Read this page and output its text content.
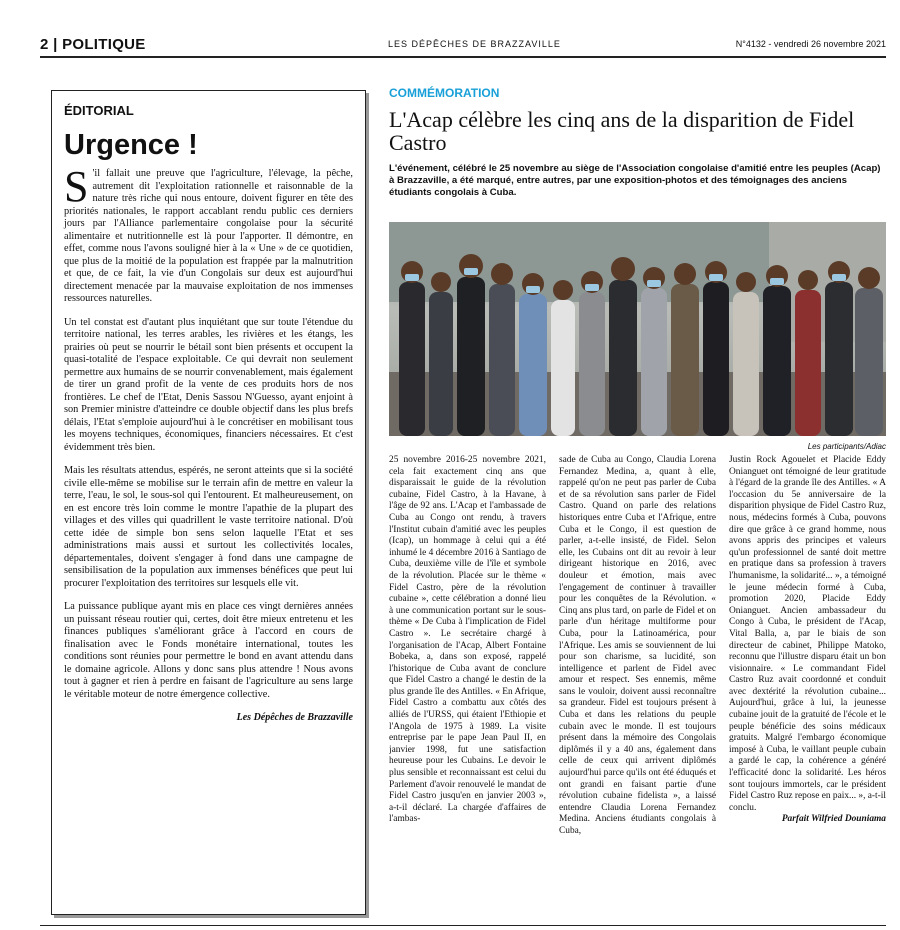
2 | POLITIQUE	LES DÉPÊCHES DE BRAZZAVILLE	N°4132 - vendredi 26 novembre 2021
ÉDITORIAL
Urgence !

S 'il fallait une preuve que l'agriculture, l'élevage, la pêche, autrement dit l'exploitation rationnelle et raisonnable de la nature très riche qui nous entoure, doivent figurer en tête des priorités nationales, le rapport accablant rendu public ces derniers jours par l'Alliance parlementaire congolaise pour la sécurité alimentaire et nutritionnelle est là pour l'apporter. Il démontre, en effet, comme nous l'avons souligné hier à la « Une » de ce quotidien, que plus de la moitié de la population est frappée par la malnutrition et que, de ce fait, la vie d'un Congolais sur deux est aujourd'hui directement menacée par la mauvaise exploitation de nos immenses ressources naturelles.

Un tel constat est d'autant plus inquiétant que sur toute l'étendue du territoire national, les terres arables, les rivières et les étangs, les prairies où peut se nourrir le bétail sont bien présents et occupent la quasi-totalité de l'espace exploitable. Ce qui devrait non seulement permettre aux humains de se nourrir convenablement, mais également de tirer un grand profit de la vente de ces produits hors de nos frontières. Le chef de l'Etat, Denis Sassou N'Guesso, ayant enjoint à son Premier ministre d'atteindre ce double objectif dans les plus brefs délais, l'Etat s'emploie aujourd'hui à le concrétiser en mobilisant tous les moyens techniques, économiques, financiers nécessaires. Et c'est évidemment très bien.

Mais les résultats attendus, espérés, ne seront atteints que si la société civile elle-même se mobilise sur le terrain afin de mettre en valeur la terre, l'eau, le sol, le sous-sol qui l'entourent. Et malheureusement, on en est encore très loin comme le montre l'apathie de la plupart des villages et des villes qui quadrillent le vaste territoire national. D'où cette idée de simple bon sens selon laquelle l'Etat et ses administrations mais aussi et surtout les collectivités locales, départementales, doivent s'engager à fond dans une campagne de sensibilisation de la population aux immenses bénéfices que peut lui procurer l'exploitation des territoires sur lesquels elle vit.

La puissance publique ayant mis en place ces vingt dernières années un puissant réseau routier qui, certes, doit être mieux entretenu et les finances publiques s'améliorant grâce à l'accord en cours de finalisation avec le Fonds monétaire international, toutes les conditions sont réunies pour permettre le bond en avant attendu dans le domaine agricole. Allons y donc sans plus attendre ! Nous avons tout à gagner et rien à perdre en faisant de l'agriculture au sens large le véritable moteur de notre émergence collective.

Les Dépêches de Brazzaville
COMMÉMORATION
L'Acap célèbre les cinq ans de la disparition de Fidel Castro
L'événement, célébré le 25 novembre au siège de l'Association congolaise d'amitié entre les peuples (Acap) à Brazzaville, a été marqué, entre autres, par une exposition-photos et des témoignages des anciens étudiants congolais à Cuba.
Les participants/Adiac

25 novembre 2016-25 novembre 2021, cela fait exactement cinq ans que disparaissait le guide de la révolution cubaine, Fidel Castro, à la Havane, à l'âge de 92 ans. L'Acap et l'ambassade de Cuba au Congo ont rendu, à travers l'Institut cubain d'amitié avec les peuples (Icap), un hommage à celui qui a été inhumé le 4 décembre 2016 à Santiago de Cuba, deuxième ville de l'île et symbole de la révolution. Placée sur le thème « Fidel Castro, père de la révolution cubaine », cette célébration a donné lieu à une communication portant sur le sous-thème « De Cuba à l'implication de Fidel Castro ». Le secrétaire chargé à l'organisation de l'Acap, Albert Fontaine Bobeka, a, dans son exposé, rappelé l'historique de Cuba avant de conclure que Fidel Castro a changé le destin de la plus grande île des Antilles. « En Afrique, Fidel Castro a combattu aux côtés des alliés de l'URSS, qui étaient l'Ethiopie et l'Angola de 1975 à 1989. La visite entreprise par le pape Jean Paul II, en janvier 1998, fut une satisfaction heureuse pour les Cubains. Le devoir le plus sensible et reconnaissant est celui du Parlement d'avoir renouvelé le mandat de Fidel Castro jusqu'en en janvier 2003 », a-t-il déclaré. La chargée d'affaires de l'ambas-

sade de Cuba au Congo, Claudia Lorena Fernandez Medina, a, quant à elle, rappelé qu'on ne peut pas parler de Cuba et de sa révolution sans parler de Fidel Castro. Quand on parle des relations historiques entre Cuba et l'Afrique, entre Cuba et le Congo, il est question de parler, a-t-elle insisté, de Fidel. Selon elle, les Cubains ont dit au revoir à leur dirigeant historique en 2016, avec douleur et émotion, mais avec l'engagement de continuer à travailler pour les conquêtes de la Révolution. « Cinq ans plus tard, on parle de Fidel et on parle d'un héritage multiforme pour Cuba, pour la Latinoamérica, pour l'Afrique. Les amis se souviennent de lui pour son charisme, sa lucidité, son intelligence et parlent de Fidel avec amour et respect. Ses ennemis, même sans le vouloir, doivent aussi reconnaître sa grandeur. Fidel est toujours présent à Cuba et dans les relations du peuple cubain avec le monde. Il est toujours présent dans la mémoire des Congolais diplômés il y a 40 ans, également dans celle de ceux qui arrivent diplômés aujourd'hui parce qu'ils ont été éduqués et ont grandi en faisant partie d'une révolution cubaine fidelista », a laissé entendre Claudia Lorena Fernandez Medina. Anciens étudiants congolais à Cuba,

Justin Rock Agouelet et Placide Eddy Onianguet ont témoigné de leur gratitude à l'égard de la grande île des Antilles. « A l'occasion du 5e anniversaire de la disparition physique de Fidel Castro Ruz, nous, médecins formés à Cuba, pouvons dire que grâce à ce grand homme, nous avons appris des principes et valeurs qu'un professionnel de santé doit mettre en pratique dans sa profession à travers l'humanisme, la solidarité... », a témoigné le jeune médecin formé à Cuba, promotion 2020, Placide Eddy Onianguet. Ancien ambassadeur du Congo à Cuba, le président de l'Acap, Vital Balla, a, par le biais de son directeur de cabinet, Philippe Matoko, reconnu que l'illustre disparu était un bon visionnaire. « Le commandant Fidel Castro Ruz avait coordonné et conduit avec dextérité la révolution cubaine... Aujourd'hui, grâce à lui, la jeunesse cubaine jouit de la gratuité de l'école et le peuple bénéficie des soins médicaux gratuits. Malgré l'embargo économique imposé à Cuba, le vaillant peuple cubain a gardé le cap, la cohérence a généré l'efficacité donc la solidarité. Les héros sont toujours immortels, car le président Fidel Castro Ruz repose en paix... », a-t-il conclu.

Parfait Wilfried Douniama
